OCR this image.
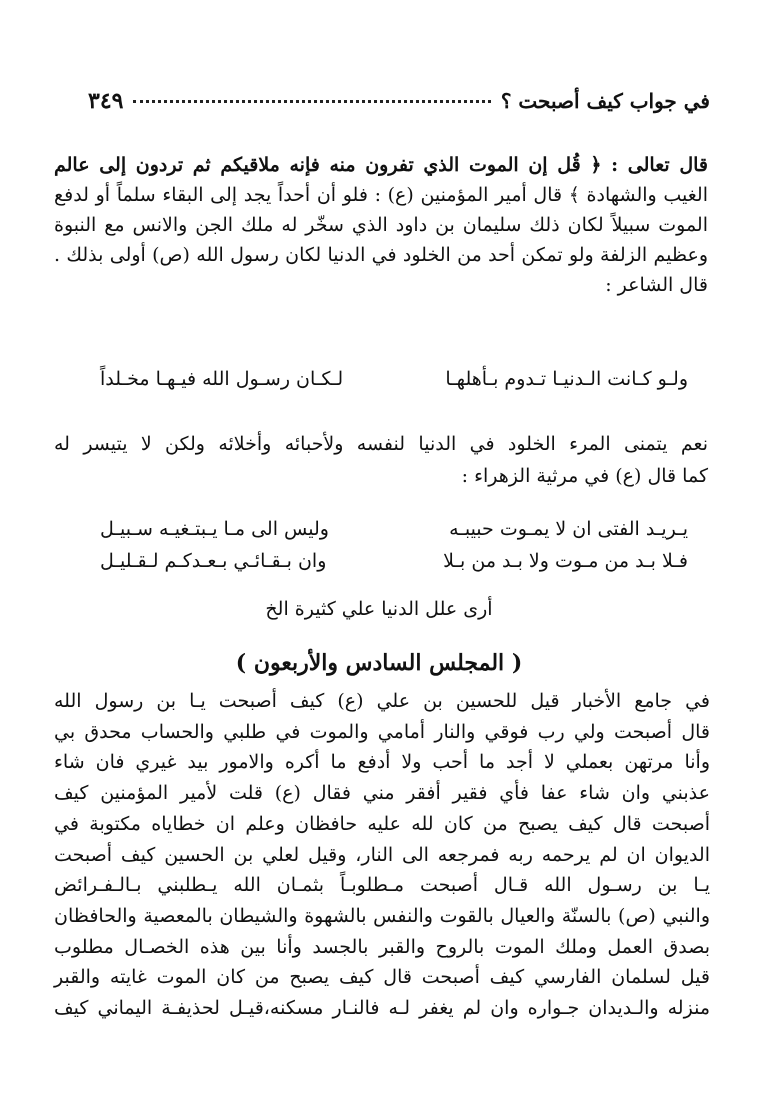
في جواب كيف أصبحت ؟
٣٤٩
قال تعالى : ﴿ قُل إن الموت الذي تفرون منه فإنه ملاقيكم ثم تردون إلى عالم
الغيب والشهادة ﴾ قال أمير المؤمنين (ع) : فلو أن أحداً يجد إلى البقاء سلماً أو لدفع
الموت سبيلاً لكان ذلك سليمان بن داود الذي سخّر له ملك الجن والانس مع النبوة
وعظيم الزلفة ولو تمكن أحد من الخلود في الدنيا لكان رسول الله (ص) أولى بذلك .
قال الشاعر :
ولـو كـانت الـدنيـا تـدوم بـأهلهـا
لـكـان رسـول الله فيـهـا مخـلداً
نعم يتمنى المرء الخلود في الدنيا لنفسه ولأحبائه وأخلائه ولكن لا يتيسر له
كما قال (ع) في مرثية الزهراء :
يـريـد الفتى ان لا يمـوت حبيبـه
وليس الى مـا يـبتـغيـه سـبيـل
فـلا بـد من مـوت ولا بـد من بـلا
وان بـقـائـي بـعـدكـم لـقـليـل
أرى علل الدنيا علي كثيرة الخ
( المجلس السادس والأربعون )
في جامع الأخبار قيل للحسين بن علي (ع) كيف أصبحت يـا بن رسول الله
قال أصبحت ولي رب فوقي والنار أمامي والموت في طلبي والحساب محدق بي
وأنا مرتهن بعملي لا أجد ما أحب ولا أدفع ما أكره والامور بيد غيري فان شاء
عذبني وان شاء عفا فأي فقير أفقر مني فقال (ع) قلت لأمير المؤمنين كيف
أصبحت قال كيف يصبح من كان لله عليه حافظان وعلم ان خطاياه مكتوبة في
الديوان ان لم يرحمه ربه فمرجعه الى النار، وقيل لعلي بن الحسين كيف أصبحت
يـا بن رسـول الله قـال أصبحت مـطلوبـاً بثمـان الله يـطلبني بـالـفـرائض
والنبي (ص) بالسنّة والعيال بالقوت والنفس بالشهوة والشيطان بالمعصية والحافظان
بصدق العمل وملك الموت بالروح والقبر بالجسد وأنا بين هذه الخصـال مطلوب
قيل لسلمان الفارسي كيف أصبحت قال كيف يصبح من كان الموت غايته والقبر
منزله والـديدان جـواره وان لم يغفر لـه فالنـار مسكنه،قيـل لحذيفـة اليماني كيف
